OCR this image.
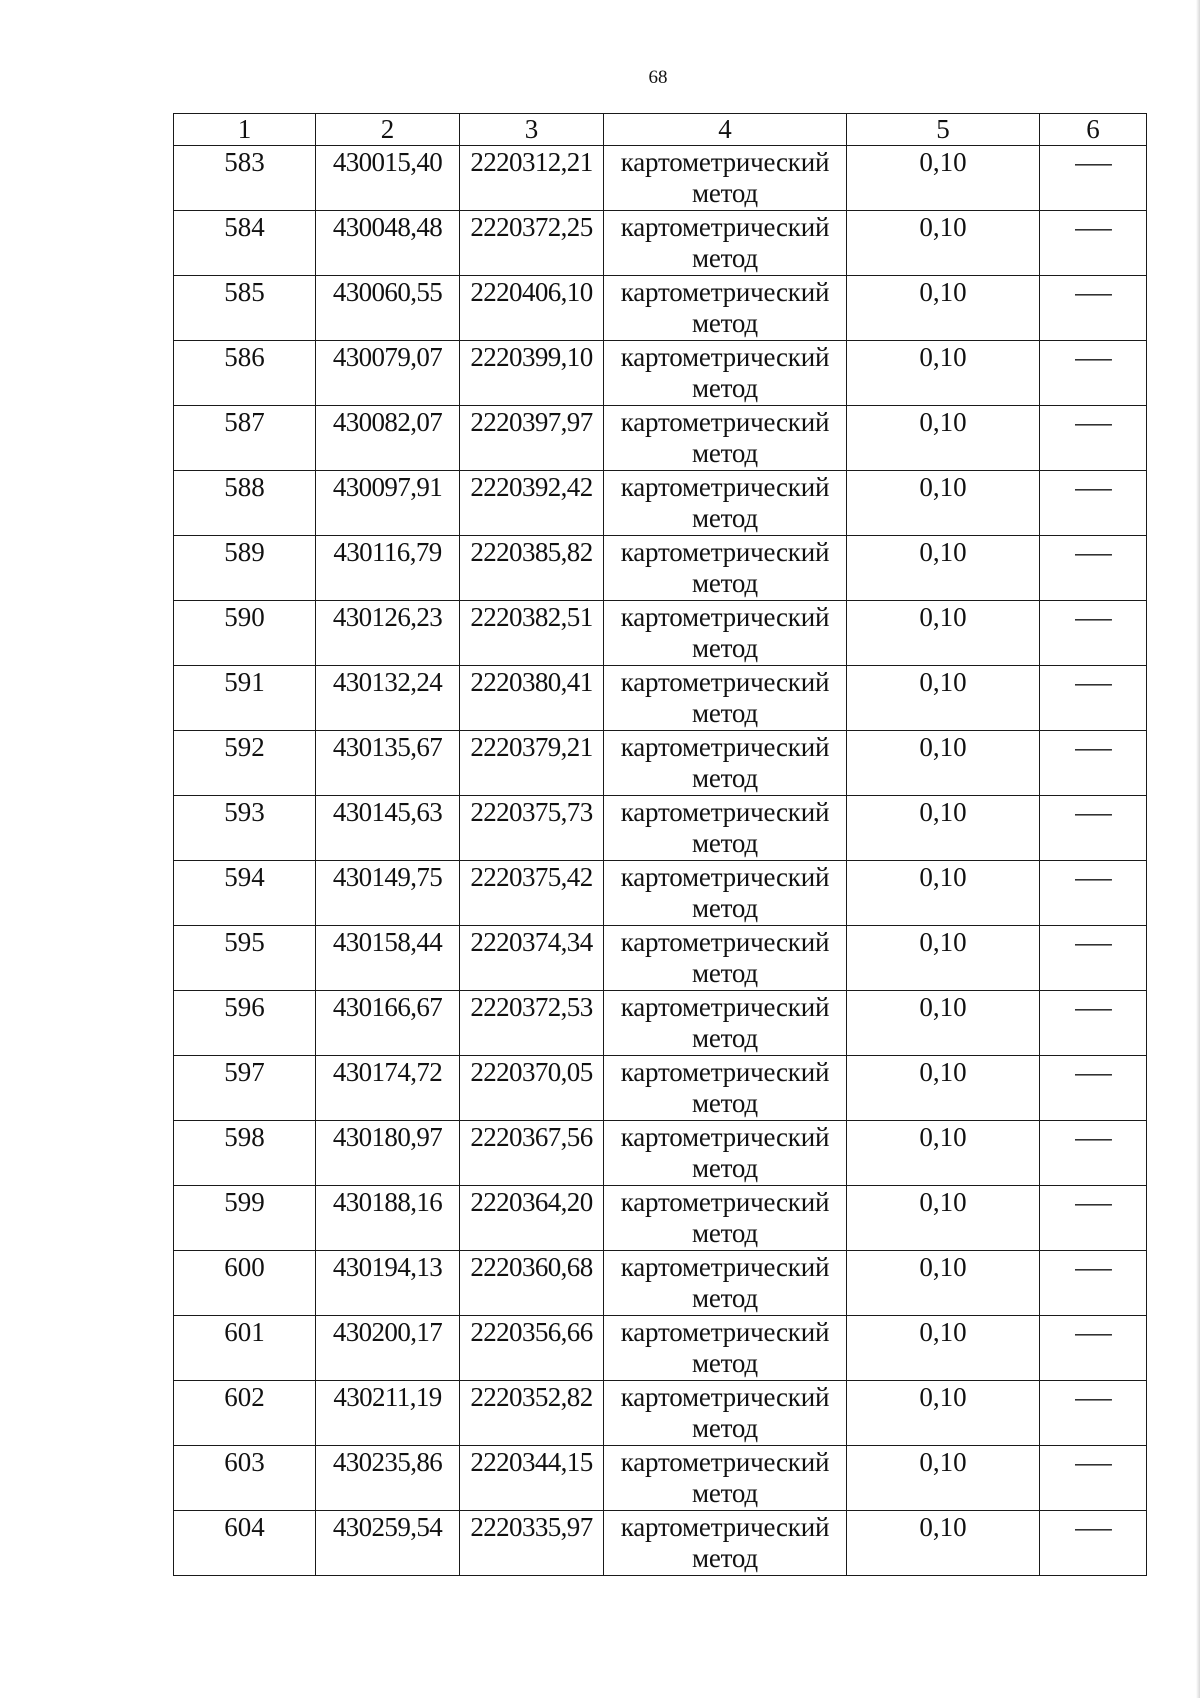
68
1	2	3	4	5	6
583	430015,40	2220312,21	картометрический
метод	0,10	—
584	430048,48	2220372,25	картометрический
метод	0,10	—
585	430060,55	2220406,10	картометрический
метод	0,10	—
586	430079,07	2220399,10	картометрический
метод	0,10	—
587	430082,07	2220397,97	картометрический
метод	0,10	—
588	430097,91	2220392,42	картометрический
метод	0,10	—
589	430116,79	2220385,82	картометрический
метод	0,10	—
590	430126,23	2220382,51	картометрический
метод	0,10	—
591	430132,24	2220380,41	картометрический
метод	0,10	—
592	430135,67	2220379,21	картометрический
метод	0,10	—
593	430145,63	2220375,73	картометрический
метод	0,10	—
594	430149,75	2220375,42	картометрический
метод	0,10	—
595	430158,44	2220374,34	картометрический
метод	0,10	—
596	430166,67	2220372,53	картометрический
метод	0,10	—
597	430174,72	2220370,05	картометрический
метод	0,10	—
598	430180,97	2220367,56	картометрический
метод	0,10	—
599	430188,16	2220364,20	картометрический
метод	0,10	—
600	430194,13	2220360,68	картометрический
метод	0,10	—
601	430200,17	2220356,66	картометрический
метод	0,10	—
602	430211,19	2220352,82	картометрический
метод	0,10	—
603	430235,86	2220344,15	картометрический
метод	0,10	—
604	430259,54	2220335,97	картометрический
метод	0,10	—
